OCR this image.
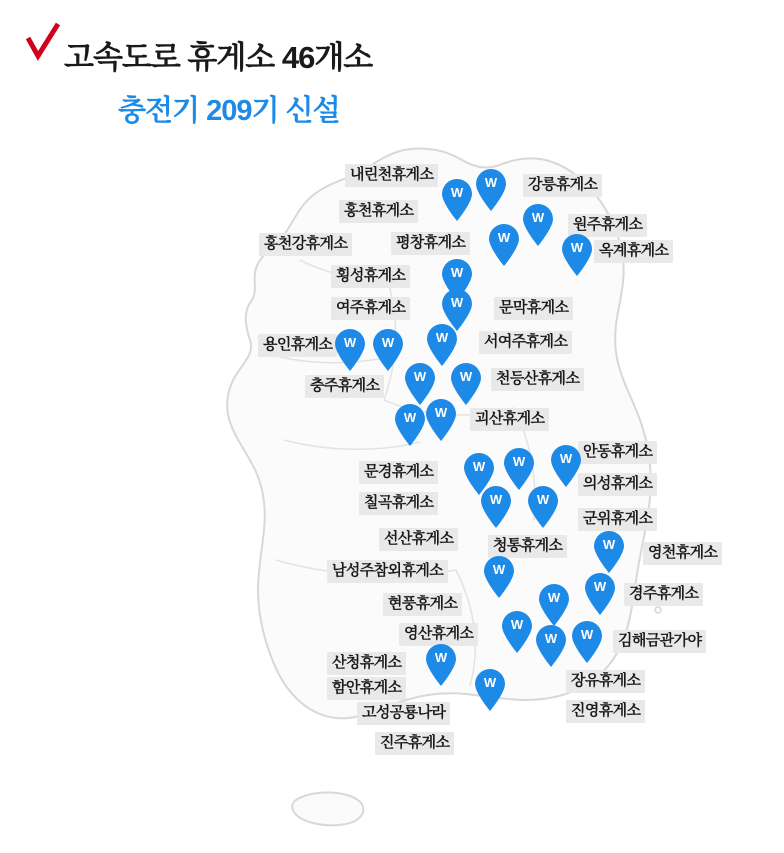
고속도로 휴게소 46개소
충전기 209기 신설
내린천휴게소
강릉휴게소
홍천휴게소
원주휴게소
홍천강휴게소	평창휴게소	옥계휴게소
횡성휴게소
여주휴게소	문막휴게소
용인휴게소	서여주휴게소
충주휴게소	천등산휴게소
괴산휴게소
안동휴게소
문경휴게소
의성휴게소
칠곡휴게소
군위휴게소
선산휴게소	청통휴게소	영천휴게소
남성주참외휴게소
경주휴게소
현풍휴게소
영산휴게소	김해금관가야
산청휴게소
함안휴게소	장유휴게소
진영휴게소
고성공룡나라
진주휴게소
W
W
W
W
W
W
W
W	W	W
W	W
W	W
W	W	W
W	W
W
W
W
W
W
W	W
W
W
